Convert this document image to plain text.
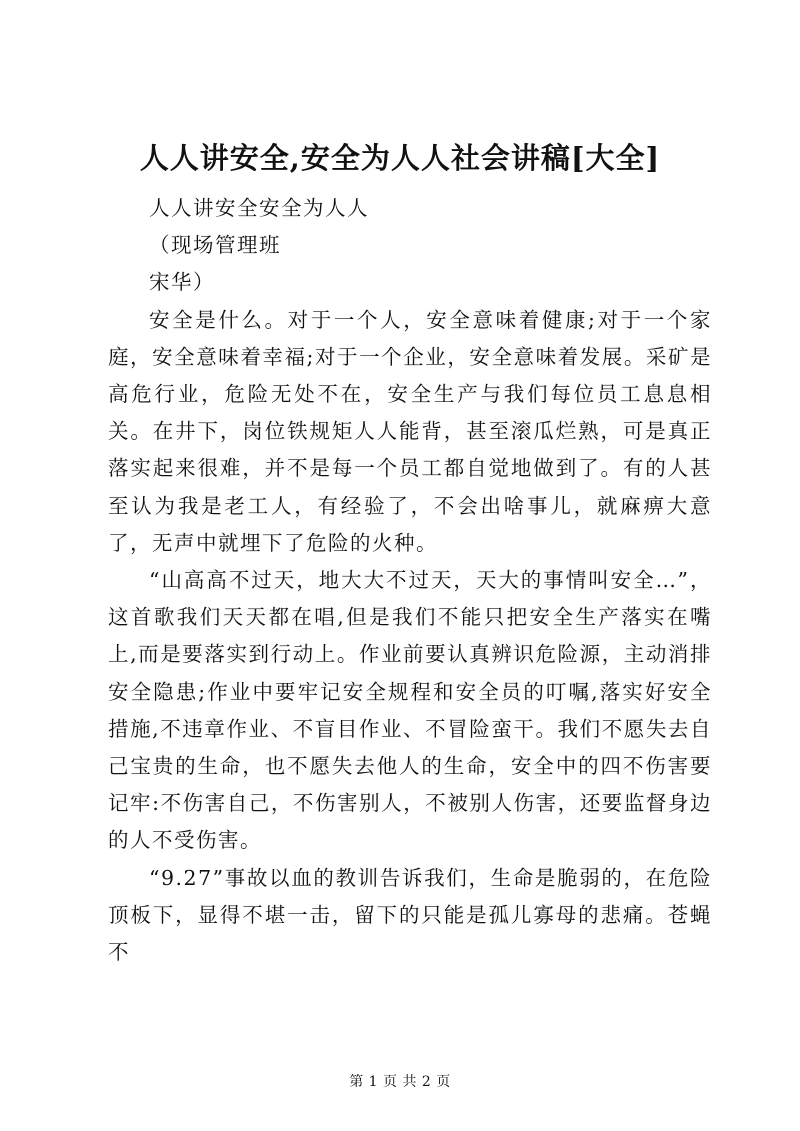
人人讲安全,安全为人人社会讲稿[大全]

人人讲安全安全为人人

（现场管理班

宋华）

安全是什么。对于一个人，安全意味着健康;对于一个家庭，安全意味着幸福;对于一个企业，安全意味着发展。采矿是高危行业，危险无处不在，安全生产与我们每位员工息息相关。在井下，岗位铁规矩人人能背，甚至滚瓜烂熟，可是真正落实起来很难，并不是每一个员工都自觉地做到了。有的人甚至认为我是老工人，有经验了，不会出啥事儿，就麻痹大意了，无声中就埋下了危险的火种。

“山高高不过天，地大大不过天，天大的事情叫安全…”，这首歌我们天天都在唱,但是我们不能只把安全生产落实在嘴上,而是要落实到行动上。作业前要认真辨识危险源，主动消排安全隐患;作业中要牢记安全规程和安全员的叮嘱,落实好安全措施,不违章作业、不盲目作业、不冒险蛮干。我们不愿失去自己宝贵的生命，也不愿失去他人的生命，安全中的四不伤害要记牢:不伤害自己，不伤害别人，不被别人伤害，还要监督身边的人不受伤害。

“9.27”事故以血的教训告诉我们，生命是脆弱的，在危险顶板下，显得不堪一击，留下的只能是孤儿寡母的悲痛。苍蝇不

第 1 页 共 2 页
